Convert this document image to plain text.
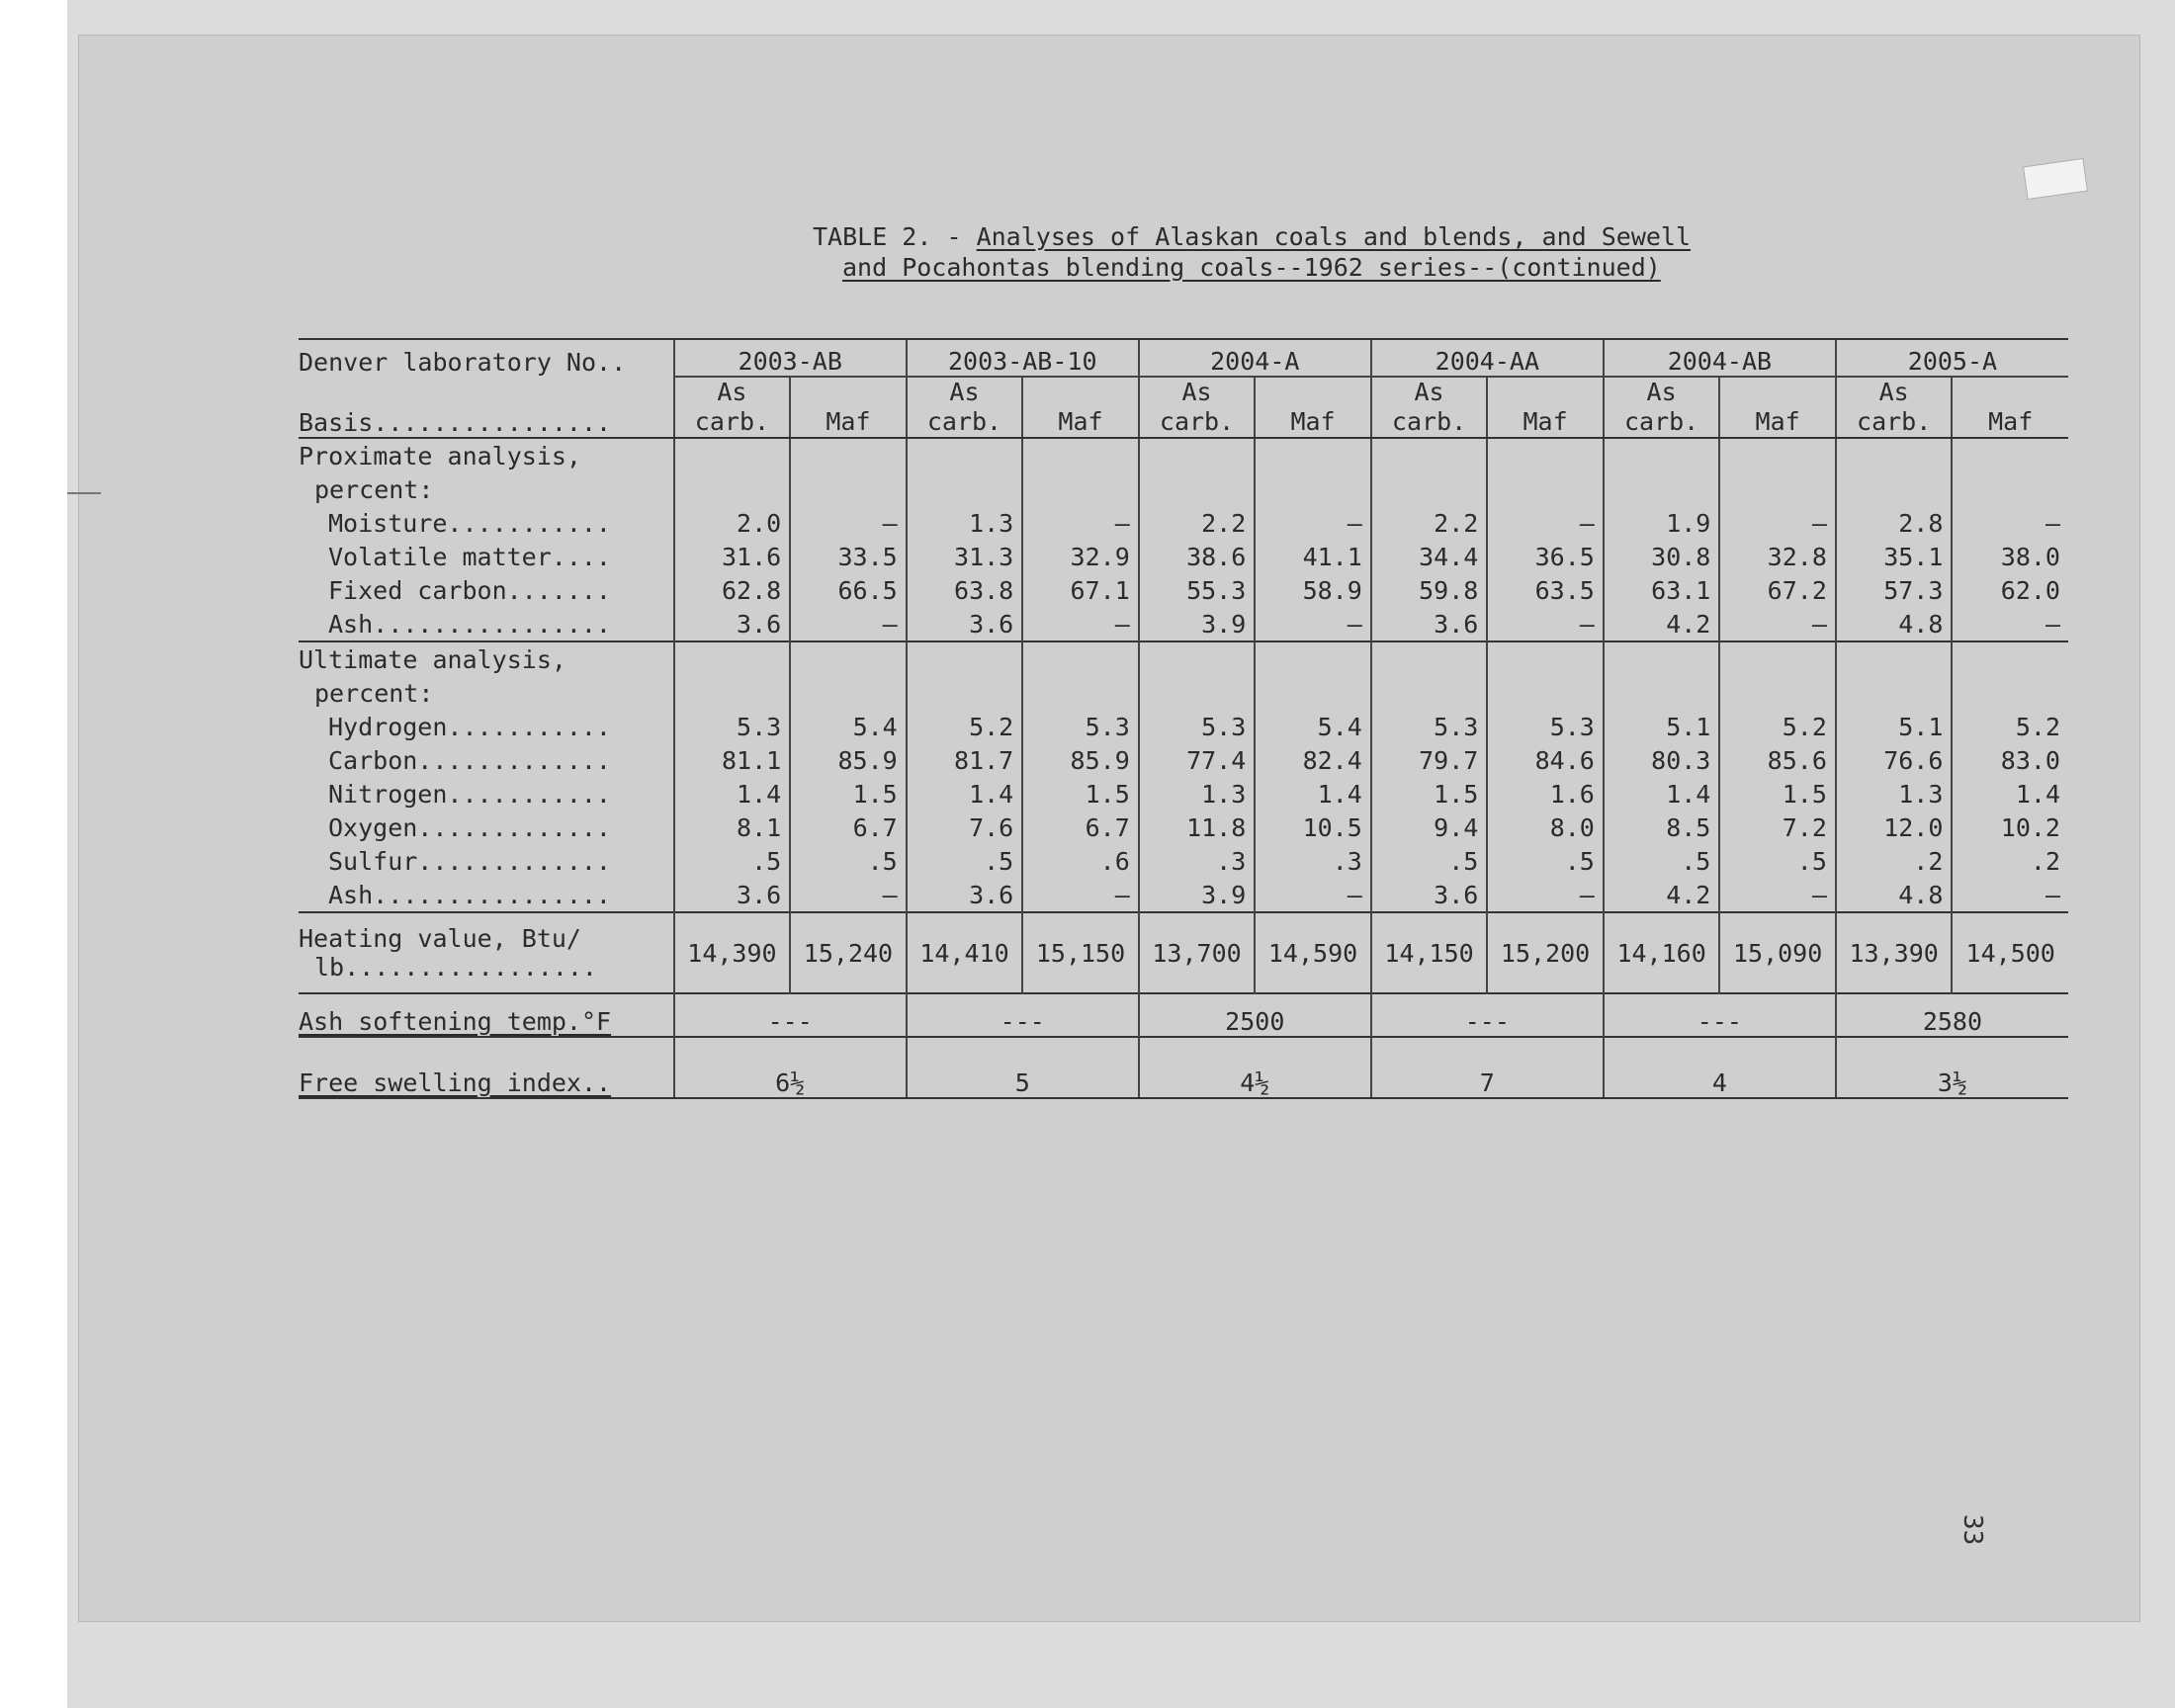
TABLE 2. - Analyses of Alaskan coals and blends, and Sewell
and Pocahontas blending coals--1962 series--(continued)
Denver laboratory No..	2003-AB		2003-AB-10		2004-A		2004-AA		2004-AB		2005-A	
Basis................	As carb.	Maf	As carb.	Maf	As carb.	Maf	As carb.	Maf	As carb.	Maf	As carb.	Maf
Proximate analysis,												
percent:												
Moisture...........	2.0	—	1.3	—	2.2	—	2.2	—	1.9	—	2.8	—
Volatile matter....	31.6	33.5	31.3	32.9	38.6	41.1	34.4	36.5	30.8	32.8	35.1	38.0
Fixed carbon.......	62.8	66.5	63.8	67.1	55.3	58.9	59.8	63.5	63.1	67.2	57.3	62.0
Ash................	3.6	—	3.6	—	3.9	—	3.6	—	4.2	—	4.8	—
Ultimate analysis,												
percent:												
Hydrogen...........	5.3	5.4	5.2	5.3	5.3	5.4	5.3	5.3	5.1	5.2	5.1	5.2
Carbon.............	81.1	85.9	81.7	85.9	77.4	82.4	79.7	84.6	80.3	85.6	76.6	83.0
Nitrogen...........	1.4	1.5	1.4	1.5	1.3	1.4	1.5	1.6	1.4	1.5	1.3	1.4
Oxygen.............	8.1	6.7	7.6	6.7	11.8	10.5	9.4	8.0	8.5	7.2	12.0	10.2
Sulfur.............	.5	.5	.5	.6	.3	.3	.5	.5	.5	.5	.2	.2
Ash................	3.6	—	3.6	—	3.9	—	3.6	—	4.2	—	4.8	—

Heating value, Btu/
lb.................	14,390	15,240	14,410	15,150	13,700	14,590	14,150	15,200	14,160	15,090	13,390	14,500
Ash softening temp.°F	---		---		2500		---		---		2580	
Free swelling index..	6½		5		4½		7		4		3½	
33
